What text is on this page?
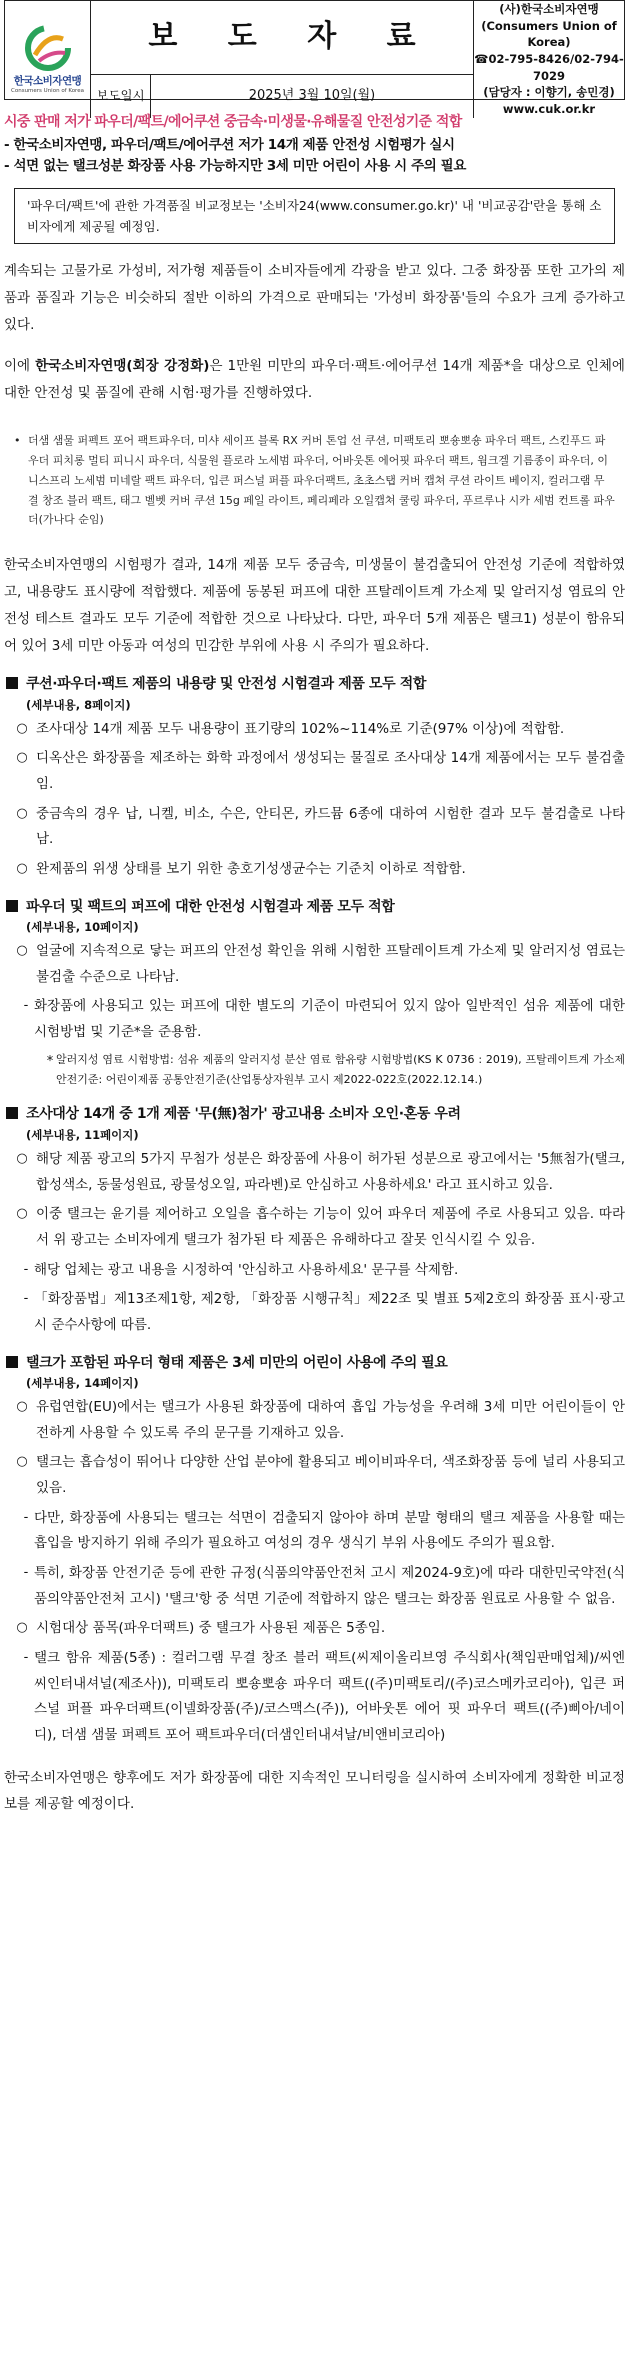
한국소비자연맹
Consumers Union of Korea
보 도 자 료
(사)한국소비자연맹
(Consumers Union of Korea)
☎02-795-8426/02-794-7029
(담당자 : 이향기, 송민경)
www.cuk.or.kr
보도일시	2025년 3월 10일(월)
시중 판매 저가 파우더/팩트/에어쿠션 중금속·미생물·유해물질 안전성기준 적합
- 한국소비자연맹, 파우더/팩트/에어쿠션 저가 14개 제품 안전성 시험평가 실시
- 석면 없는 탤크성분 화장품 사용 가능하지만 3세 미만 어린이 사용 시 주의 필요
'파우더/팩트'에 관한 가격품질 비교정보는 '소비자24(www.consumer.go.kr)' 내 '비교공감'란을 통해 소비자에게 제공될 예정임.
계속되는 고물가로 가성비, 저가형 제품들이 소비자들에게 각광을 받고 있다. 그중 화장품 또한 고가의 제품과 품질과 기능은 비슷하되 절반 이하의 가격으로 판매되는 '가성비 화장품'들의 수요가 크게 증가하고 있다.
이에 한국소비자연맹(회장 강정화)은 1만원 미만의 파우더·팩트·에어쿠션 14개 제품*을 대상으로 인체에 대한 안전성 및 품질에 관해 시험·평가를 진행하였다.
• 더샘 샘물 퍼펙트 포어 팩트파우더, 미샤 세이프 블록 RX 커버 톤업 선 쿠션, 미팩토리 뽀숑뽀숑 파우더 팩트, 스킨푸드 파우더 피치롱 멀티 피니시 파우더, 식물원 플로라 노세범 파우더, 어바웃톤 에어핏 파우더 팩트, 웜크겔 기름종이 파우더, 이니스프리 노세범 미네랄 팩트 파우더, 입큰 퍼스널 퍼플 파우더팩트, 초초스탭 커버 캡쳐 쿠션 라이트 베이지, 컬러그램 무결 창조 블러 팩트, 태그 벨벳 커버 쿠션 15g 페일 라이트, 페리페라 오일캡쳐 쿨링 파우더, 푸르루나 시카 세범 컨트롤 파우더(가나다 순임)
한국소비자연맹의 시험평가 결과, 14개 제품 모두 중금속, 미생물이 불검출되어 안전성 기준에 적합하였고, 내용량도 표시량에 적합했다. 제품에 동봉된 퍼프에 대한 프탈레이트계 가소제 및 알러지성 염료의 안전성 테스트 결과도 모두 기준에 적합한 것으로 나타났다. 다만, 파우더 5개 제품은 탤크1) 성분이 함유되어 있어 3세 미만 아동과 여성의 민감한 부위에 사용 시 주의가 필요하다.
쿠션·파우더·팩트 제품의 내용량 및 안전성 시험결과 제품 모두 적합
(세부내용, 8페이지)
○ 조사대상 14개 제품 모두 내용량이 표기량의 102%~114%로 기준(97% 이상)에 적합함.
○ 디옥산은 화장품을 제조하는 화학 과정에서 생성되는 물질로 조사대상 14개 제품에서는 모두 불검출임.
○ 중금속의 경우 납, 니켈, 비소, 수은, 안티몬, 카드뮴 6종에 대하여 시험한 결과 모두 불검출로 나타남.
○ 완제품의 위생 상태를 보기 위한 총호기성생균수는 기준치 이하로 적합함.
파우더 및 팩트의 퍼프에 대한 안전성 시험결과 제품 모두 적합
(세부내용, 10페이지)
○ 얼굴에 지속적으로 닿는 퍼프의 안전성 확인을 위해 시험한 프탈레이트계 가소제 및 알러지성 염료는 불검출 수준으로 나타남.
- 화장품에 사용되고 있는 퍼프에 대한 별도의 기준이 마련되어 있지 않아 일반적인 섬유 제품에 대한 시험방법 및 기준*을 준용함.
* 알러지성 염료 시험방법: 섬유 제품의 알러지성 분산 염료 함유량 시험방법(KS K 0736 : 2019), 프탈레이트계 가소제 안전기준: 어린이제품 공통안전기준(산업통상자원부 고시 제2022-022호(2022.12.14.)
조사대상 14개 중 1개 제품 '무(無)첨가' 광고내용 소비자 오인·혼동 우려
(세부내용, 11페이지)
○ 해당 제품 광고의 5가지 무첨가 성분은 화장품에 사용이 허가된 성분으로 광고에서는 '5無첨가(탤크, 합성색소, 동물성원료, 광물성오일, 파라벤)로 안심하고 사용하세요' 라고 표시하고 있음.
○ 이중 탤크는 윤기를 제어하고 오일을 흡수하는 기능이 있어 파우더 제품에 주로 사용되고 있음. 따라서 위 광고는 소비자에게 탤크가 첨가된 타 제품은 유해하다고 잘못 인식시킬 수 있음.
- 해당 업체는 광고 내용을 시정하여 '안심하고 사용하세요' 문구를 삭제함.
- 「화장품법」제13조제1항, 제2항, 「화장품 시행규칙」제22조 및 별표 5제2호의 화장품 표시·광고 시 준수사항에 따름.
탤크가 포함된 파우더 형태 제품은 3세 미만의 어린이 사용에 주의 필요
(세부내용, 14페이지)
○ 유럽연합(EU)에서는 탤크가 사용된 화장품에 대하여 흡입 가능성을 우려해 3세 미만 어린이들이 안전하게 사용할 수 있도록 주의 문구를 기재하고 있음.
○ 탤크는 흡습성이 뛰어나 다양한 산업 분야에 활용되고 베이비파우더, 색조화장품 등에 널리 사용되고 있음.
- 다만, 화장품에 사용되는 탤크는 석면이 검출되지 않아야 하며 분말 형태의 탤크 제품을 사용할 때는 흡입을 방지하기 위해 주의가 필요하고 여성의 경우 생식기 부위 사용에도 주의가 필요함.
- 특히, 화장품 안전기준 등에 관한 규정(식품의약품안전처 고시 제2024-9호)에 따라 대한민국약전(식품의약품안전처 고시) '탤크'항 중 석면 기준에 적합하지 않은 탤크는 화장품 원료로 사용할 수 없음.
○ 시험대상 품목(파우더팩트) 중 탤크가 사용된 제품은 5종임.
- 탤크 함유 제품(5종) : 컬러그램 무결 창조 블러 팩트(씨제이올리브영 주식회사(책임판매업체)/씨엔씨인터내셔널(제조사)), 미팩토리 뽀숑뽀숑 파우더 팩트((주)미팩토리/(주)코스메카코리아), 입큰 퍼스널 퍼플 파우더팩트(이넬화장품(주)/코스맥스(주)), 어바웃톤 에어 핏 파우더 팩트((주)삐아/네이디), 더샘 샘물 퍼펙트 포어 팩트파우더(더샘인터내셔날/비앤비코리아)
한국소비자연맹은 향후에도 저가 화장품에 대한 지속적인 모니터링을 실시하여 소비자에게 정확한 비교정보를 제공할 예정이다.
